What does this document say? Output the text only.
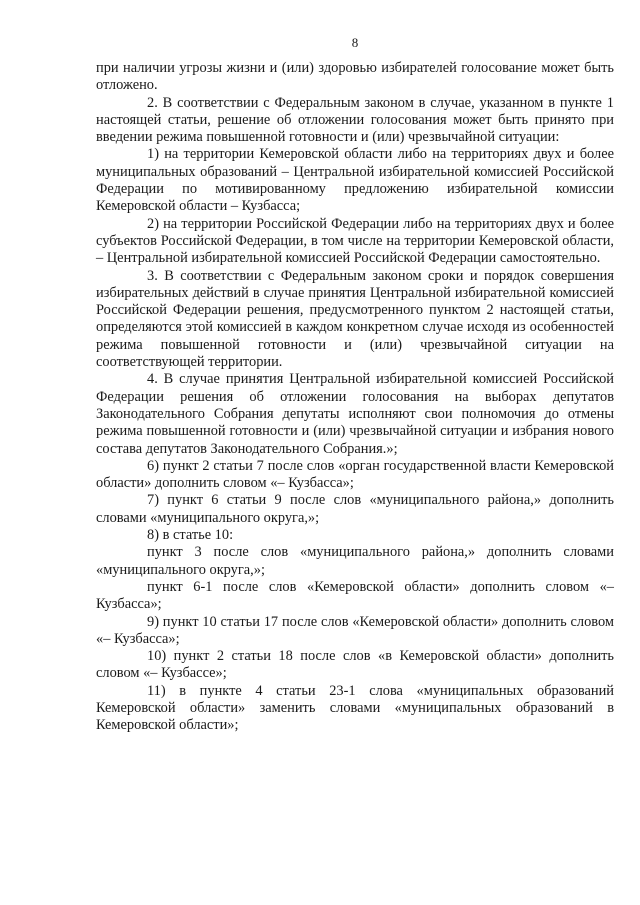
8

при наличии угрозы жизни и (или) здоровью избирателей голосование может быть отложено.

2. В соответствии с Федеральным законом в случае, указанном в пункте 1 настоящей статьи, решение об отложении голосования может быть принято при введении режима повышенной готовности и (или) чрезвычайной ситуации:

1) на территории Кемеровской области либо на территориях двух и более муниципальных образований – Центральной избирательной комиссией Российской Федерации по мотивированному предложению избирательной комиссии Кемеровской области – Кузбасса;

2) на территории Российской Федерации либо на территориях двух и более субъектов Российской Федерации, в том числе на территории Кемеровской области, – Центральной избирательной комиссией Российской Федерации самостоятельно.

3. В соответствии с Федеральным законом сроки и порядок совершения избирательных действий в случае принятия Центральной избирательной комиссией Российской Федерации решения, предусмотренного пунктом 2 настоящей статьи, определяются этой комиссией в каждом конкретном случае исходя из особенностей режима повышенной готовности и (или) чрезвычайной ситуации на соответствующей территории.

4. В случае принятия Центральной избирательной комиссией Российской Федерации решения об отложении голосования на выборах депутатов Законодательного Собрания депутаты исполняют свои полномочия до отмены режима повышенной готовности и (или) чрезвычайной ситуации и избрания нового состава депутатов Законодательного Собрания.»;

6) пункт 2 статьи 7 после слов «орган государственной власти Кемеровской области» дополнить словом «– Кузбасса»;

7) пункт 6 статьи 9 после слов «муниципального района,» дополнить словами «муниципального округа,»;

8) в статье 10:

пункт 3 после слов «муниципального района,» дополнить словами «муниципального округа,»;

пункт 6-1 после слов «Кемеровской области» дополнить словом «– Кузбасса»;

9) пункт 10 статьи 17 после слов «Кемеровской области» дополнить словом «– Кузбасса»;

10) пункт 2 статьи 18 после слов «в Кемеровской области» дополнить словом «– Кузбассе»;

11) в пункте 4 статьи 23-1 слова «муниципальных образований Кемеровской области» заменить словами «муниципальных образований в Кемеровской области»;
